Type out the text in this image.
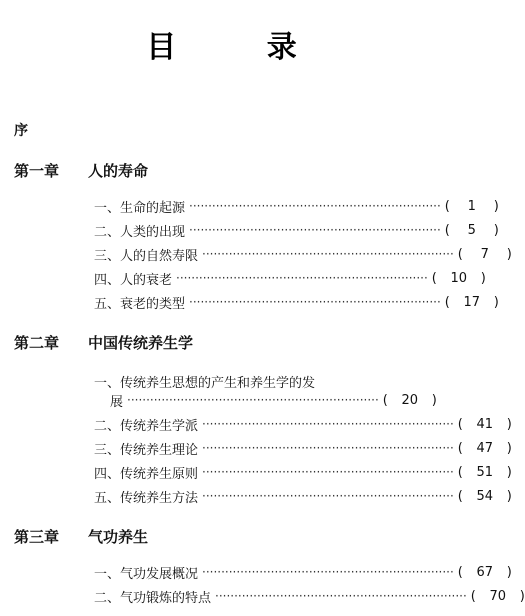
目 录
序
第一章 人的寿命
一、生命的起源 ·································································· (	1	)
二、人类的出现 ·································································· (	5	)
三、人的自然寿限 ·································································· (	7	)
四、人的衰老 ·································································· (	10	)
五、衰老的类型 ·································································· (	17	)
第二章 中国传统养生学
一、传统养生思想的产生和养生学的发
展 ·································································· (	20	)
二、传统养生学派 ·································································· (	41	)
三、传统养生理论 ·································································· (	47	)
四、传统养生原则 ·································································· (	51	)
五、传统养生方法 ·································································· (	54	)
第三章 气功养生
一、气功发展概况 ·································································· (	67	)
二、气功锻炼的特点 ·································································· (	70	)
